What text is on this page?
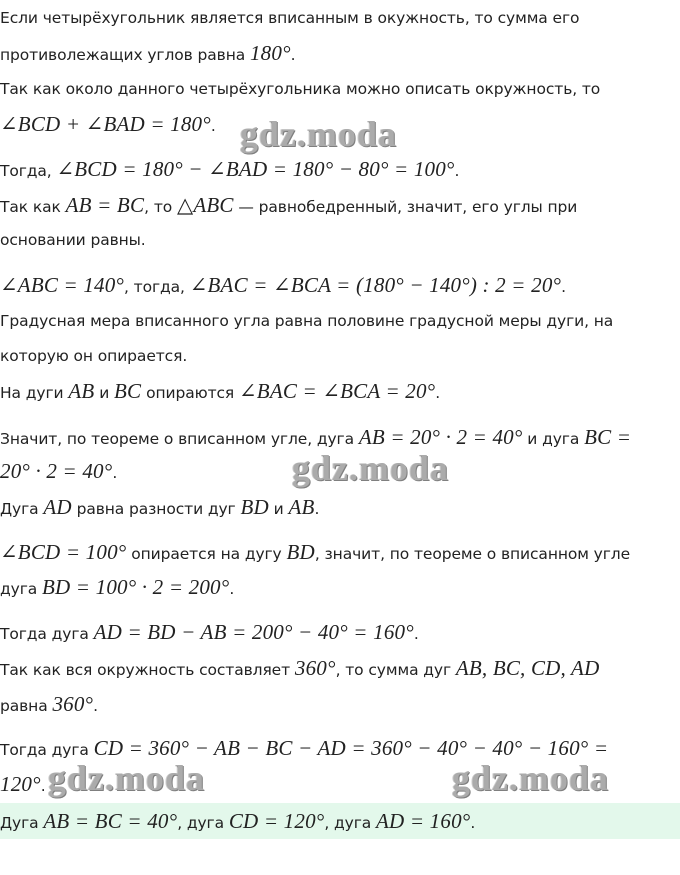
Если четырёхугольник является вписанным в окужность, то сумма его
противолежащих углов равна 180°.
Так как около данного четырёхугольника можно описать окружность, то
∠BCD + ∠BAD = 180°.
Тогда, ∠BCD = 180° − ∠BAD = 180° − 80° = 100°.
Так как AB = BC, то △ABC — равнобедренный, значит, его углы при
основании равны.
∠ABC = 140°, тогда, ∠BAC = ∠BCA = (180° − 140°) : 2 = 20°.
Градусная мера вписанного угла равна половине градусной меры дуги, на
которую он опирается.
На дуги AB и BC опираются ∠BAC = ∠BCA = 20°.
Значит, по теореме о вписанном угле, дуга AB = 20° · 2 = 40° и дуга BC =
20° · 2 = 40°.
Дуга AD равна разности дуг BD и AB.
∠BCD = 100° опирается на дугу BD, значит, по теореме о вписанном угле
дуга BD = 100° · 2 = 200°.
Тогда дуга AD = BD − AB = 200° − 40° = 160°.
Так как вся окружность составляет 360°, то сумма дуг AB, BC, CD, AD
равна 360°.
Тогда дуга CD = 360° − AB − BC − AD = 360° − 40° − 40° − 160° =
120°.
Дуга AB = BC = 40°, дуга CD = 120°, дуга AD = 160°.
gdz.moda
gdz.moda
gdz.moda	gdz.moda
